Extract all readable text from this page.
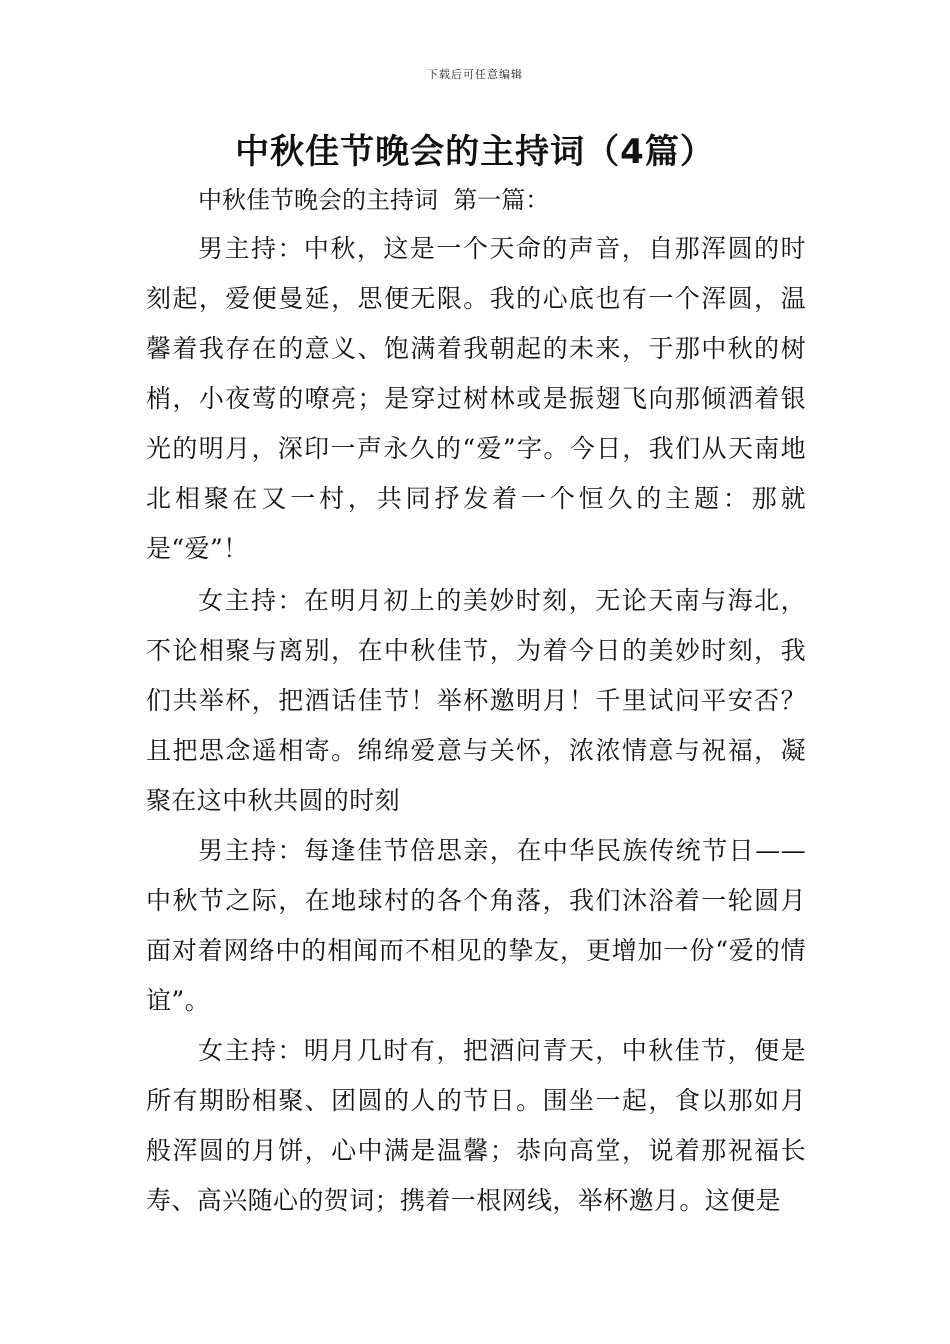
下载后可任意编辑
中秋佳节晚会的主持词（4篇）
中秋佳节晚会的主持词  第一篇：

男主持：中秋，这是一个天命的声音，自那浑圆的时刻起，爱便曼延，思便无限。我的心底也有一个浑圆，温馨着我存在的意义、饱满着我朝起的未来，于那中秋的树梢，小夜莺的嘹亮；是穿过树林或是振翅飞向那倾洒着银光的明月，深印一声永久的“爱”字。今日，我们从天南地北相聚在又一村，共同抒发着一个恒久的主题：那就是“爱”！

女主持：在明月初上的美妙时刻，无论天南与海北，不论相聚与离别，在中秋佳节，为着今日的美妙时刻，我们共举杯，把酒话佳节！举杯邀明月！千里试问平安否？且把思念遥相寄。绵绵爱意与关怀，浓浓情意与祝福，凝聚在这中秋共圆的时刻

男主持：每逢佳节倍思亲，在中华民族传统节日——中秋节之际，在地球村的各个角落，我们沐浴着一轮圆月面对着网络中的相闻而不相见的挚友，更增加一份“爱的情谊”。

女主持：明月几时有，把酒问青天，中秋佳节，便是所有期盼相聚、团圆的人的节日。围坐一起，食以那如月般浑圆的月饼，心中满是温馨；恭向高堂，说着那祝福长寿、高兴随心的贺词；携着一根网线，举杯邀月。这便是
